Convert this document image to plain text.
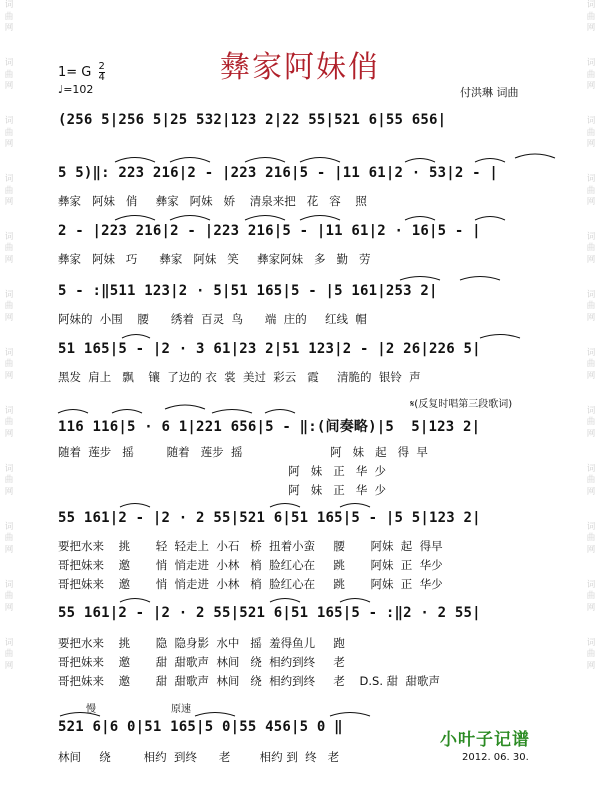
词
曲
网

词
曲
网

词
曲
网

词
曲
网

词
曲
网

词
曲
网

词
曲
网

词
曲
网

词
曲
网

词
曲
网

词
曲
网

词
曲
网
词
曲
网

词
曲
网

词
曲
网

词
曲
网

词
曲
网

词
曲
网

词
曲
网

词
曲
网

词
曲
网

词
曲
网

词
曲
网

词
曲
网
彝家阿妹俏
1= G $\frac{2}{4}$
♩=102	付洪琳 词曲
(256 5|256 5|25 532|123 2|22 55|521 6|55 656|
5 5)‖: 223 216|2 - |223 216|5 - |11 61|2 · 53|2 - |
彝家   阿妹   俏     彝家   阿妹   娇    清泉来把   花   容    照
2 - |223 216|2 - |223 216|5 - |11 61|2 · 16|5 - |
彝家   阿妹   巧      彝家   阿妹   笑     彝家阿妹   多   勤   劳
5 - :‖511 123|2 · 5|51 165|5 - |5 161|253 2|
阿妹的  小围    腰      绣着  百灵  鸟      端  庄的     红线  帽
51 165|5 - |2 · 3 61|23 2|51 123|2 - |2 26|226 5|
黑发  肩上   飘    镶  了边的 衣  裳  美过  彩云   霞     清脆的  银铃  声
116 116|5 · 6 1|221 656|5 - ‖:(间奏略)|5  5|123 2|
随着  莲步   摇         随着   莲步  摇                        阿   妹   起   得  早
阿   妹   正   华  少
阿   妹   正   华  少
55 161|2 - |2 · 2 55|521 6|51 165|5 - |5 5|123 2|
要把水来    挑       轻  轻走上  小石   桥  扭着小蛮     腰       阿妹  起  得早
哥把妹来    邀       悄  悄走进  小林   梢  脸红心在     跳       阿妹  正  华少
哥把妹来    邀       悄  悄走进  小林   梢  脸红心在     跳       阿妹  正  华少
55 161|2 - |2 · 2 55|521 6|51 165|5 - :‖2 · 2 55|
要把水来    挑       隐  隐身影  水中   摇  羞得鱼儿     跑
哥把妹来    邀       甜  甜歌声  林间   绕  相约到终     老
哥把妹来    邀       甜  甜歌声  林间   绕  相约到终     老    D.S. 甜  甜歌声
521 6|6 0|51 165|5 0|55 456|5 0 ‖
林间     绕         相约  到终      老        相约 到  终   老
𝄋(反复时唱第三段歌词)
慢	原速
小叶子记谱
2012. 06. 30.
